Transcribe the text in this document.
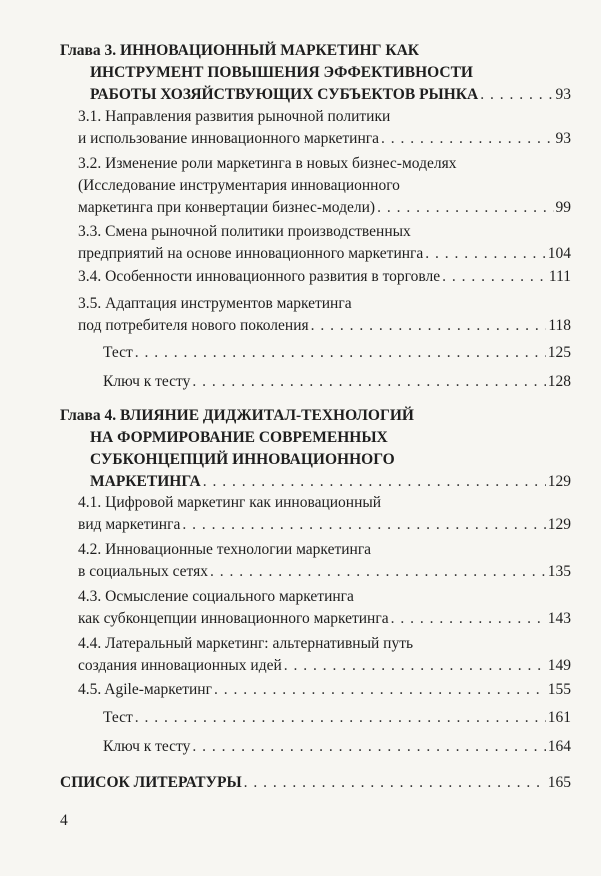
Глава 3. ИННОВАЦИОННЫЙ МАРКЕТИНГ КАК
ИНСТРУМЕНТ ПОВЫШЕНИЯ ЭФФЕКТИВНОСТИ
РАБОТЫ ХОЗЯЙСТВУЮЩИХ СУБЪЕКТОВ РЫНКА . . .	93
3.1. Направления развития рыночной политики
и использование инновационного маркетинга . . .	93
3.2. Изменение роли маркетинга в новых бизнес-моделях
(Исследование инструментария инновационного
маркетинга при конвертации бизнес-модели) . . .	99
3.3. Смена рыночной политики производственных
предприятий на основе инновационного маркетинга . . .	104
3.4. Особенности инновационного развития в торговле . . .	111
3.5. Адаптация инструментов маркетинга
под потребителя нового поколения . . .	118
Тест . . .	125
Ключ к тесту . . .	128
Глава 4. ВЛИЯНИЕ ДИДЖИТАЛ-ТЕХНОЛОГИЙ
НА ФОРМИРОВАНИЕ СОВРЕМЕННЫХ
СУБКОНЦЕПЦИЙ ИННОВАЦИОННОГО
МАРКЕТИНГА . . .	129
4.1. Цифровой маркетинг как инновационный
вид маркетинга . . .	129
4.2. Инновационные технологии маркетинга
в социальных сетях . . .	135
4.3. Осмысление социального маркетинга
как субконцепции инновационного маркетинга . . .	143
4.4. Латеральный маркетинг: альтернативный путь
создания инновационных идей . . .	149
4.5. Agile-маркетинг . . .	155
Тест . . .	161
Ключ к тесту . . .	164
СПИСОК ЛИТЕРАТУРЫ . . .	165
4
